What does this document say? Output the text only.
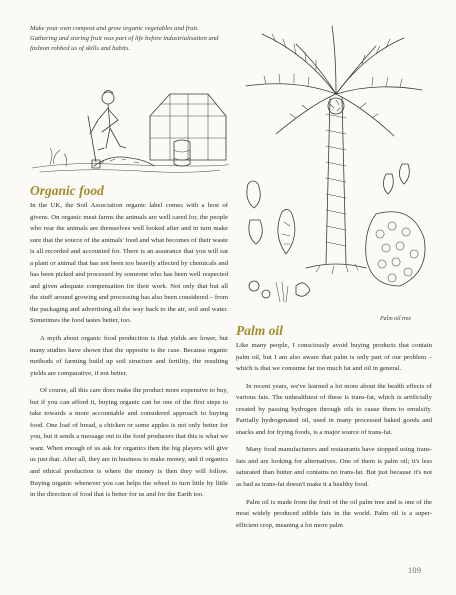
Make your own compost and grow organic vegetables and fruit. Gathering and storing fruit was part of life before industrialisation and fashion robbed us of skills and habits.
Organic food

In the UK, the Soil Association organic label comes with a host of givens. On organic meat farms the animals are well cared for, the people who rear the animals are themselves well looked after and in turn make sure that the source of the animals' food and what becomes of their waste is all recorded and accounted for. There is an assurance that you will eat a plant or animal that has not been too heavily affected by chemicals and has been picked and processed by someone who has been well respected and given adequate compensation for their work. Not only that but all the stuff around growing and processing has also been considered – from the packaging and advertising all the way back to the air, soil and water. Sometimes the food tastes better, too.

A myth about organic food production is that yields are lower, but many studies have shown that the opposite is the case. Because organic methods of farming build up soil structure and fertility, the resulting yields are comparative, if not better.

Of course, all this care does make the product more expensive to buy, but if you can afford it, buying organic can be one of the first steps to take towards a more accountable and considered approach to buying food. One loaf of bread, a chicken or some apples is not only better for you, but it sends a message out to the food producers that this is what we want. When enough of us ask for organics then the big players will give us just that. After all, they are in business to make money, and if organics and ethical production is where the money is then they will follow. Buying organic whenever you can helps the wheel to turn little by little in the direction of food that is better for us and for the Earth too.

Palm oil tree
Palm oil

Like many people, I consciously avoid buying products that contain palm oil, but I am also aware that palm is only part of our problem – which is that we consume far too much fat and oil in general.

In recent years, we've learned a lot more about the health effects of various fats. The unhealthiest of these is trans-fat, which is artificially created by passing hydrogen through oils to cause them to emulsify. Partially hydrogenated oil, used in many processed baked goods and snacks and for frying foods, is a major source of trans-fat.

Many food manufacturers and restaurants have stopped using trans-fats and are looking for alternatives. One of them is palm oil; it's less saturated than butter and contains no trans-fat. But just because it's not as bad as trans-fat doesn't make it a healthy food.

Palm oil is made from the fruit of the oil palm tree and is one of the most widely produced edible fats in the world. Palm oil is a super-efficient crop, meaning a lot more palm

109
